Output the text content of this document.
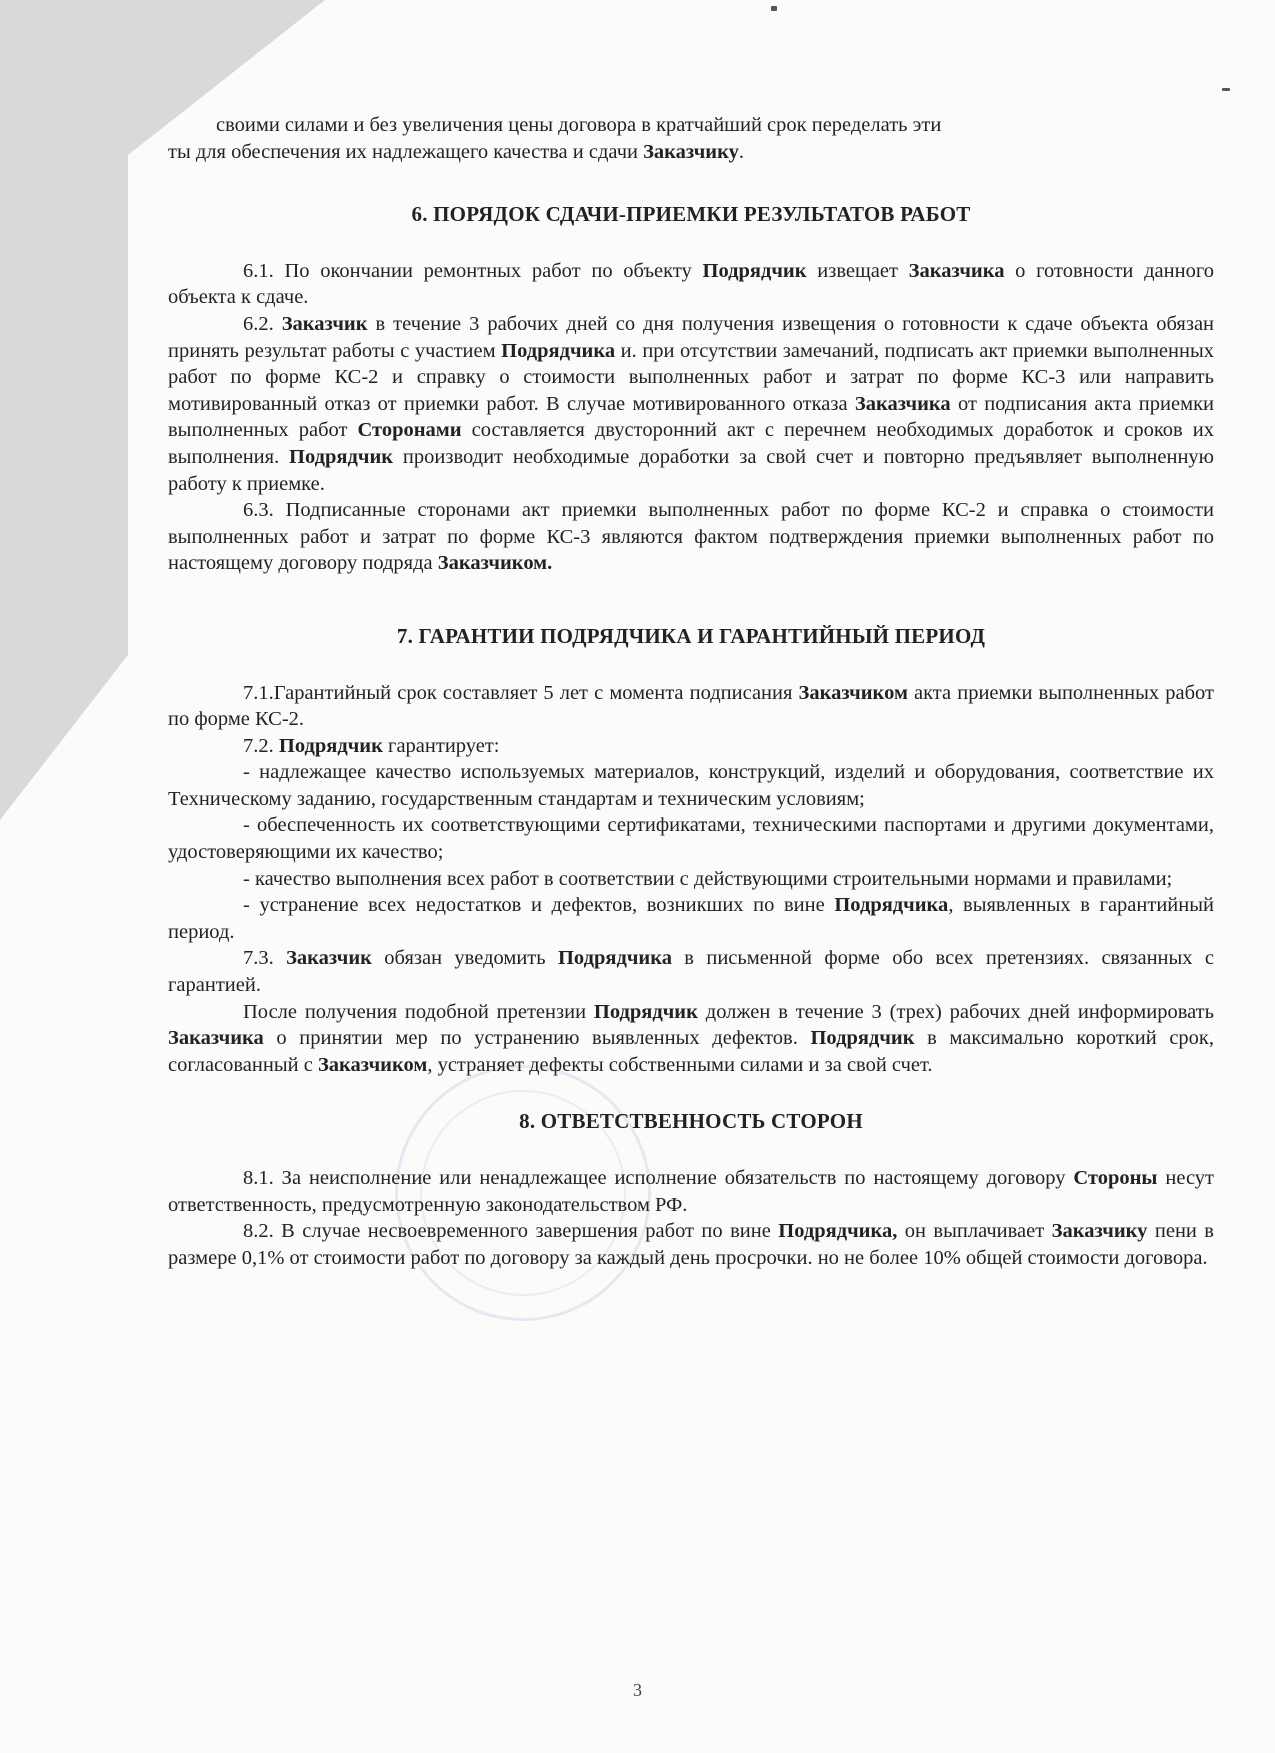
своими силами и без увеличения цены договора в кратчайший срок переделать эти

ты для обеспечения их надлежащего качества и сдачи Заказчику.

6. ПОРЯДОК СДАЧИ-ПРИЕМКИ РЕЗУЛЬТАТОВ РАБОТ

6.1. По окончании ремонтных работ по объекту Подрядчик извещает Заказчика о готовности данного объекта к сдаче.

6.2. Заказчик в течение 3 рабочих дней со дня получения извещения о готовности к сдаче объекта обязан принять результат работы с участием Подрядчика и. при отсутствии замечаний, подписать акт приемки выполненных работ по форме КС-2 и справку о стоимости выполненных работ и затрат по форме КС-3 или направить мотивированный отказ от приемки работ. В случае мотивированного отказа Заказчика от подписания акта приемки выполненных работ Сторонами составляется двусторонний акт с перечнем необходимых доработок и сроков их выполнения. Подрядчик производит необходимые доработки за свой счет и повторно предъявляет выполненную работу к приемке.

6.3. Подписанные сторонами акт приемки выполненных работ по форме КС-2 и справка о стоимости выполненных работ и затрат по форме КС-3 являются фактом подтверждения приемки выполненных работ по настоящему договору подряда Заказчиком.

7. ГАРАНТИИ ПОДРЯДЧИКА И ГАРАНТИЙНЫЙ ПЕРИОД

7.1.Гарантийный срок составляет 5 лет с момента подписания Заказчиком акта приемки выполненных работ по форме КС-2.

7.2. Подрядчик гарантирует:

- надлежащее качество используемых материалов, конструкций, изделий и оборудования, соответствие их Техническому заданию, государственным стандартам и техническим условиям;

- обеспеченность их соответствующими сертификатами, техническими паспортами и другими документами, удостоверяющими их качество;

- качество выполнения всех работ в соответствии с действующими строительными нормами и правилами;

- устранение всех недостатков и дефектов, возникших по вине Подрядчика, выявленных в гарантийный период.

7.3. Заказчик обязан уведомить Подрядчика в письменной форме обо всех претензиях. связанных с гарантией.

После получения подобной претензии Подрядчик должен в течение 3 (трех) рабочих дней информировать Заказчика о принятии мер по устранению выявленных дефектов. Подрядчик в максимально короткий срок, согласованный с Заказчиком, устраняет дефекты собственными силами и за свой счет.

8. ОТВЕТСТВЕННОСТЬ СТОРОН

8.1. За неисполнение или ненадлежащее исполнение обязательств по настоящему договору Стороны несут ответственность, предусмотренную законодательством РФ.

8.2. В случае несвоевременного завершения работ по вине Подрядчика, он выплачивает Заказчику пени в размере 0,1% от стоимости работ по договору за каждый день просрочки. но не более 10% общей стоимости договора.

3
